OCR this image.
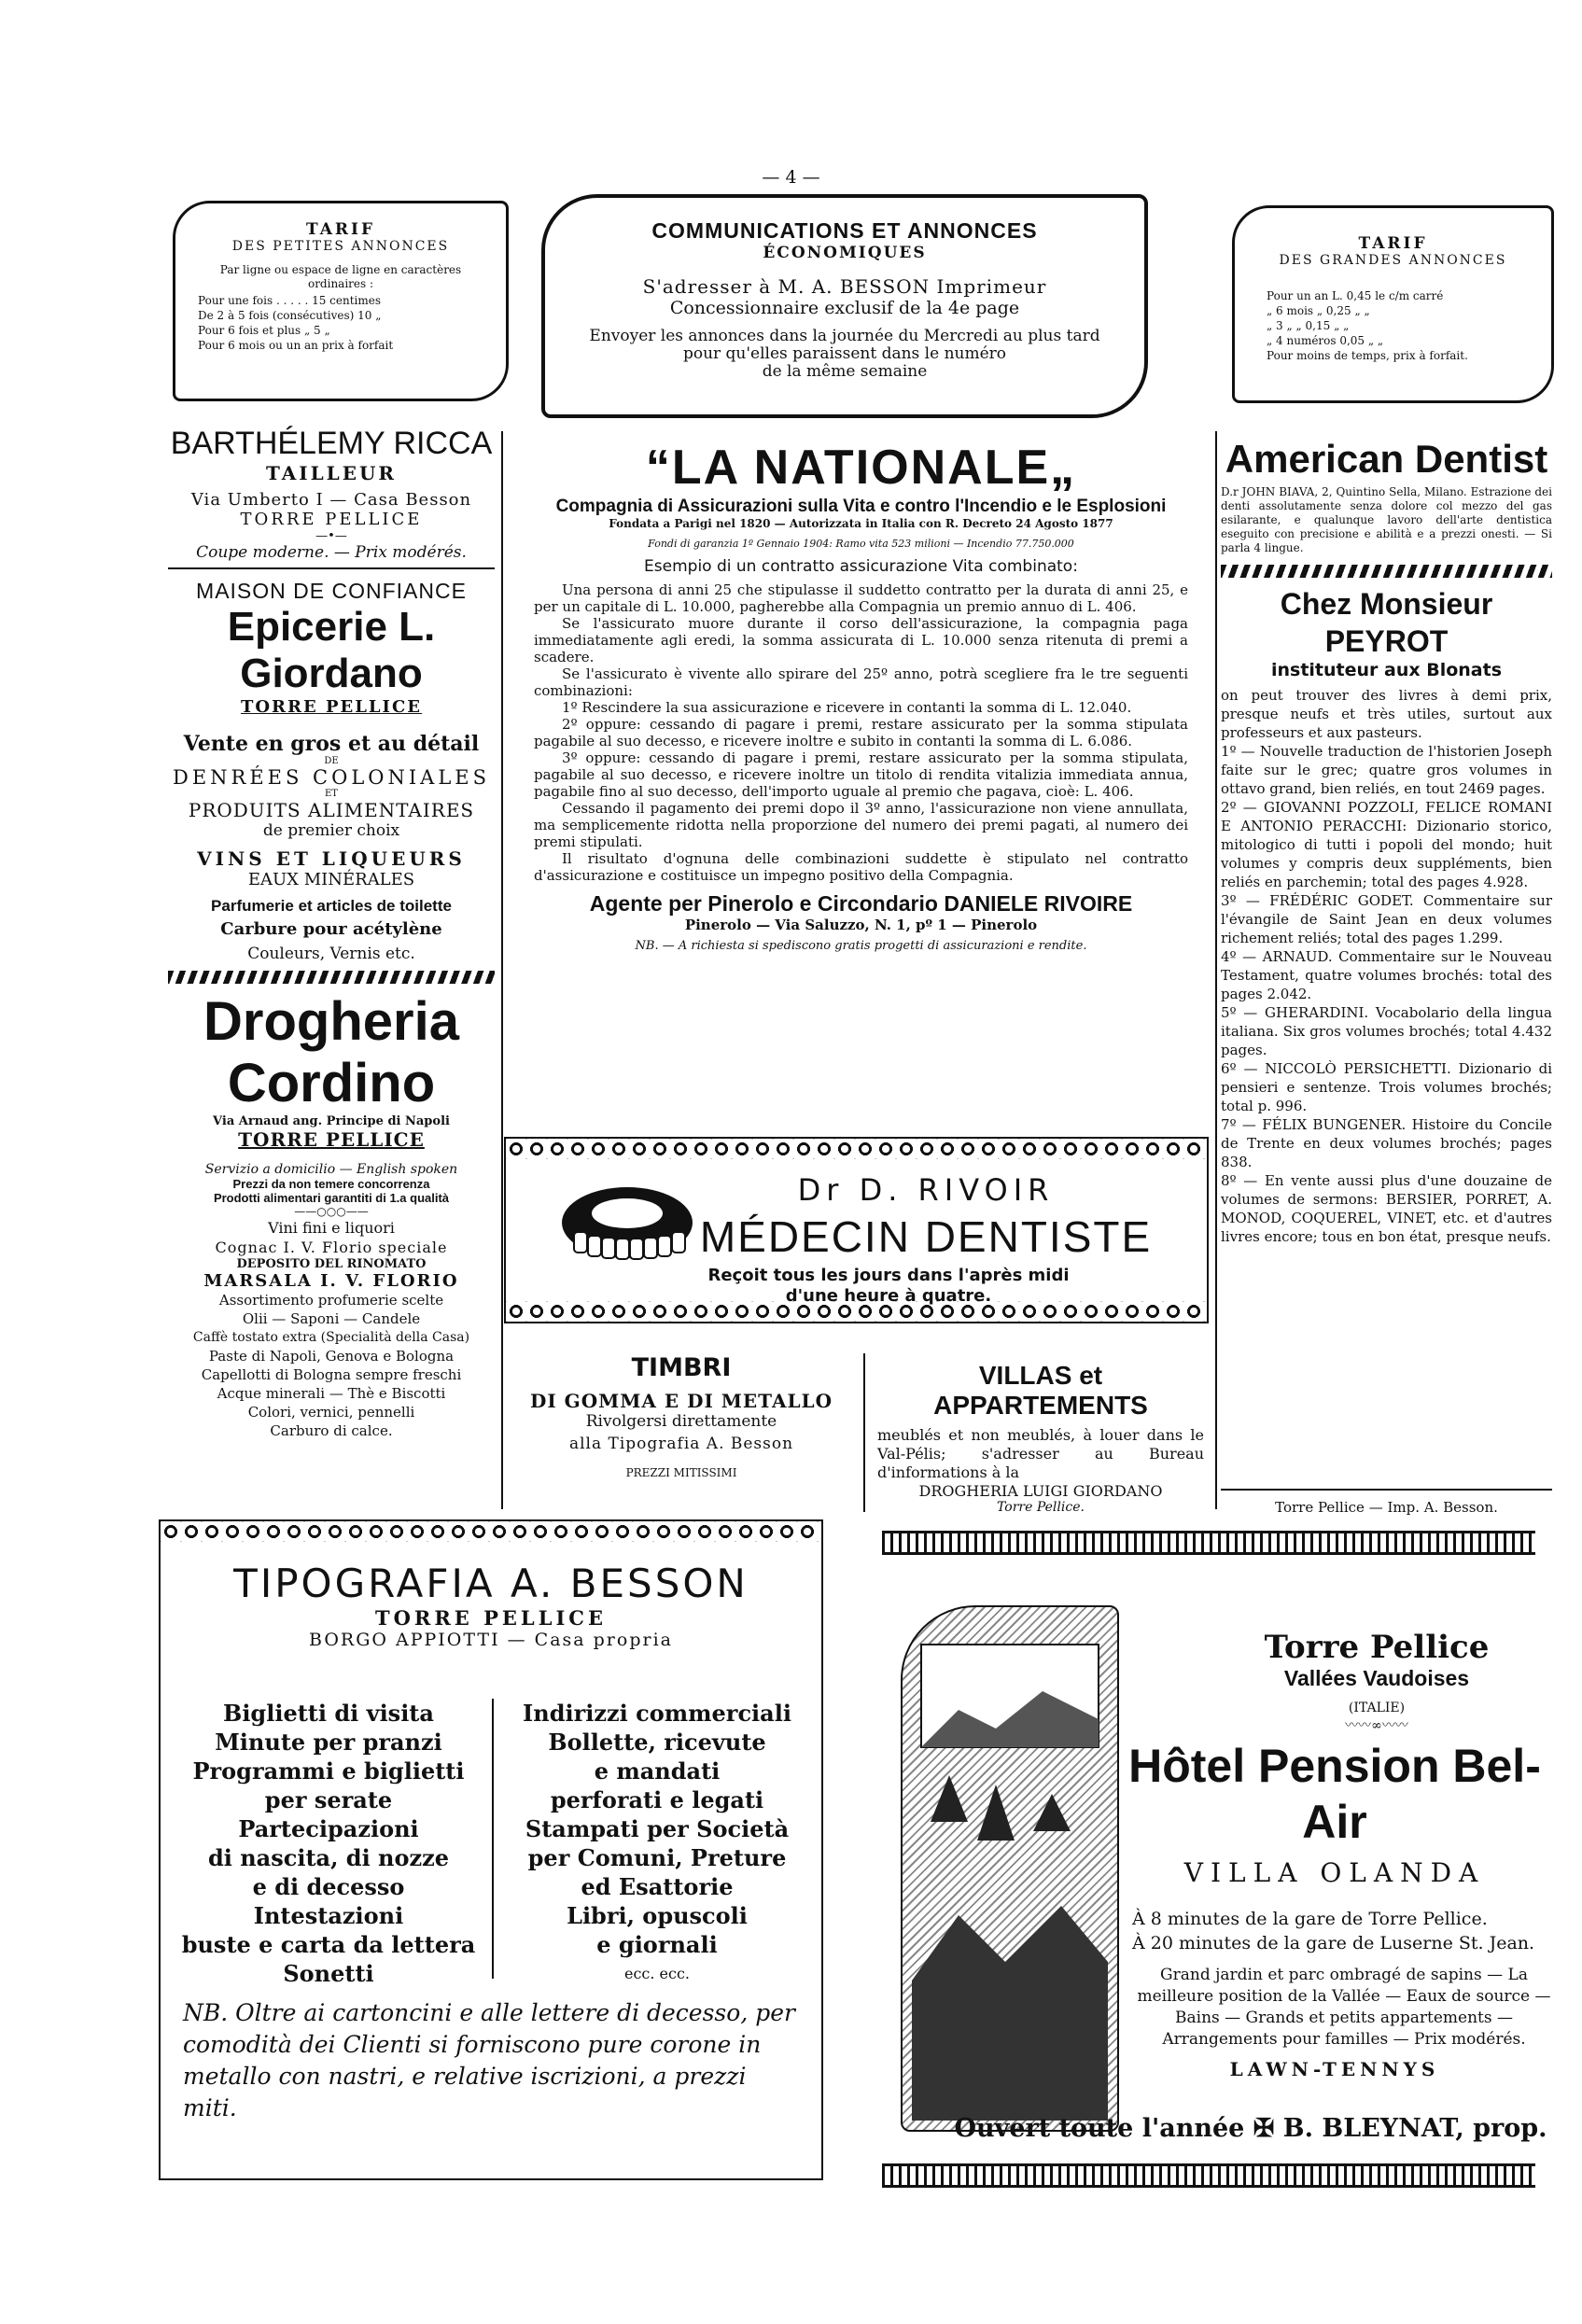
— 4 —
TARIF
DES PETITES ANNONCES
Par ligne ou espace de ligne en caractères ordinaires :
Pour une fois . . . . . 15 centimes
De 2 à 5 fois (consécutives) 10 „
Pour 6 fois et plus „ 5 „
Pour 6 mois ou un an prix à forfait
COMMUNICATIONS ET ANNONCES
ÉCONOMIQUES
S'adresser à M. A. BESSON Imprimeur
Concessionnaire exclusif de la 4e page
Envoyer les annonces dans la journée du Mercredi au plus tard
pour qu'elles paraissent dans le numéro
de la même semaine
TARIF
DES GRANDES ANNONCES
Pour un an L. 0,45 le c/m carré
„ 6 mois „ 0,25 „ „
„ 3 „ „ 0,15 „ „
„ 4 numéros 0,05 „ „
Pour moins de temps, prix à forfait.
BARTHÉLEMY RICCA
TAILLEUR
Via Umberto I — Casa Besson
TORRE PELLICE
—•—
Coupe moderne. — Prix modérés.
MAISON DE CONFIANCE
Epicerie L. Giordano
TORRE PELLICE
Vente en gros et au détail
DE
DENRÉES COLONIALES
ET
PRODUITS ALIMENTAIRES
de premier choix
VINS ET LIQUEURS
EAUX MINÉRALES
Parfumerie et articles de toilette
Carbure pour acétylène
Couleurs, Vernis etc.
Drogheria Cordino
Via Arnaud ang. Principe di Napoli
TORRE PELLICE
Servizio a domicilio — English spoken
Prezzi da non temere concorrenza
Prodotti alimentari garantiti di 1.a qualità
——○○○——
Vini fini e liquori
Cognac I. V. Florio speciale
DEPOSITO DEL RINOMATO
MARSALA I. V. FLORIO
Assortimento profumerie scelte
Olii — Saponi — Candele
Caffè tostato extra (Specialità della Casa)
Paste di Napoli, Genova e Bologna
Capellotti di Bologna sempre freschi
Acque minerali — Thè e Biscotti
Colori, vernici, pennelli
Carburo di calce.
“LA NATIONALE„
Compagnia di Assicurazioni sulla Vita e contro l'Incendio e le Esplosioni
Fondata a Parigi nel 1820 — Autorizzata in Italia con R. Decreto 24 Agosto 1877
Fondi di garanzia 1º Gennaio 1904: Ramo vita 523 milioni — Incendio 77.750.000
Esempio di un contratto assicurazione Vita combinato:

Una persona di anni 25 che stipulasse il suddetto contratto per la durata di anni 25, e per un capitale di L. 10.000, pagherebbe alla Compagnia un premio annuo di L. 406.

Se l'assicurato muore durante il corso dell'assicurazione, la compagnia paga immediatamente agli eredi, la somma assicurata di L. 10.000 senza ritenuta di premi a scadere.

Se l'assicurato è vivente allo spirare del 25º anno, potrà scegliere fra le tre seguenti combinazioni:

1º Rescindere la sua assicurazione e ricevere in contanti la somma di L. 12.040.

2º oppure: cessando di pagare i premi, restare assicurato per la somma stipulata pagabile al suo decesso, e ricevere inoltre e subito in contanti la somma di L. 6.086.

3º oppure: cessando di pagare i premi, restare assicurato per la somma stipulata, pagabile al suo decesso, e ricevere inoltre un titolo di rendita vitalizia immediata annua, pagabile fino al suo decesso, dell'importo uguale al premio che pagava, cioè: L. 406.

Cessando il pagamento dei premi dopo il 3º anno, l'assicurazione non viene annullata, ma semplicemente ridotta nella proporzione del numero dei premi pagati, al numero dei premi stipulati.

Il risultato d'ognuna delle combinazioni suddette è stipulato nel contratto d'assicurazione e costituisce un impegno positivo della Compagnia.

Agente per Pinerolo e Circondario DANIELE RIVOIRE
Pinerolo — Via Saluzzo, N. 1, pº 1 — Pinerolo
NB. — A richiesta si spediscono gratis progetti di assicurazioni e rendite.
Dr D. RIVOIR
MÉDECIN DENTISTE
Reçoit tous les jours dans l'après midi
d'une heure à quatre.
TIMBRI
DI GOMMA E DI METALLO
Rivolgersi direttamente
alla Tipografia A. Besson
PREZZI MITISSIMI
VILLAS et APPARTEMENTS
meublés et non meublés, à louer dans le Val-Pélis; s'adresser au Bureau d'informations à la
DROGHERIA LUIGI GIORDANO
Torre Pellice.
American Dentist
D.r JOHN BIAVA, 2, Quintino Sella, Milano. Estrazione dei denti assolutamente senza dolore col mezzo del gas esilarante, e qualunque lavoro dell'arte dentistica eseguito con precisione e abilità e a prezzi onesti. — Si parla 4 lingue.
Chez Monsieur PEYROT
instituteur aux Blonats
on peut trouver des livres à demi prix, presque neufs et très utiles, surtout aux professeurs et aux pasteurs.

1º — Nouvelle traduction de l'historien Joseph faite sur le grec; quatre gros volumes in ottavo grand, bien reliés, en tout 2469 pages.

2º — GIOVANNI POZZOLI, FELICE ROMANI E ANTONIO PERACCHI: Dizionario storico, mitologico di tutti i popoli del mondo; huit volumes y compris deux suppléments, bien reliés en parchemin; total des pages 4.928.

3º — FRÉDÉRIC GODET. Commentaire sur l'évangile de Saint Jean en deux volumes richement reliés; total des pages 1.299.

4º — ARNAUD. Commentaire sur le Nouveau Testament, quatre volumes brochés: total des pages 2.042.

5º — GHERARDINI. Vocabolario della lingua italiana. Six gros volumes brochés; total 4.432 pages.

6º — NICCOLÒ PERSICHETTI. Dizionario di pensieri e sentenze. Trois volumes brochés; total p. 996.

7º — FÉLIX BUNGENER. Histoire du Concile de Trente en deux volumes brochés; pages 838.

8º — En vente aussi plus d'une douzaine de volumes de sermons: BERSIER, PORRET, A. MONOD, COQUEREL, VINET, etc. et d'autres livres encore; tous en bon état, presque neufs.

Torre Pellice — Imp. A. Besson.
TIPOGRAFIA A. BESSON
TORRE PELLICE
BORGO APPIOTTI — Casa propria
Biglietti di visita
Minute per pranzi
Programmi e biglietti
per serate
Partecipazioni
di nascita, di nozze
e di decesso
Intestazioni
buste e carta da lettera
Sonetti
Indirizzi commerciali
Bollette, ricevute
e mandati
perforati e legati
Stampati per Società
per Comuni, Preture
ed Esattorie
Libri, opuscoli
e giornali
ecc. ecc.
NB. Oltre ai cartoncini e alle lettere di decesso, per comodità dei Clienti si forniscono pure corone in metallo con nastri, e relative iscrizioni, a prezzi miti.
Torre Pellice
Vallées Vaudoises
(ITALIE)
〰〰∞〰〰
Hôtel Pension Bel-Air
VILLA OLANDA
À 8 minutes de la gare de Torre Pellice.
À 20 minutes de la gare de Luserne St. Jean.
Grand jardin et parc ombragé de sapins — La meilleure position de la Vallée — Eaux de source — Bains — Grands et petits appartements — Arrangements pour familles — Prix modérés.
LAWN-TENNYS
Ouvert toute l'année ✠ B. BLEYNAT, prop.
